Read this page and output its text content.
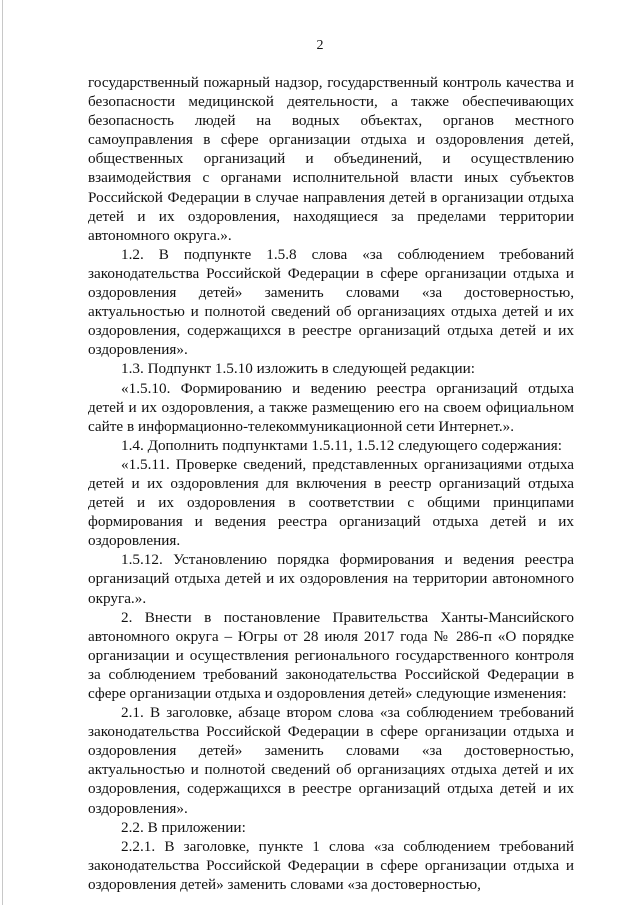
2

государственный пожарный надзор, государственный контроль качества и безопасности медицинской деятельности, а также обеспечивающих безопасность людей на водных объектах, органов местного самоуправления в сфере организации отдыха и оздоровления детей, общественных организаций и объединений, и осуществлению взаимодействия с органами исполнительной власти иных субъектов Российской Федерации в случае направления детей в организации отдыха детей и их оздоровления, находящиеся за пределами территории автономного округа.».

1.2. В подпункте 1.5.8 слова «за соблюдением требований законодательства Российской Федерации в сфере организации отдыха и оздоровления детей» заменить словами «за достоверностью, актуальностью и полнотой сведений об организациях отдыха детей и их оздоровления, содержащихся в реестре организаций отдыха детей и их оздоровления».

1.3. Подпункт 1.5.10 изложить в следующей редакции:

«1.5.10. Формированию и ведению реестра организаций отдыха детей и их оздоровления, а также размещению его на своем официальном сайте в информационно-телекоммуникационной сети Интернет.».

1.4. Дополнить подпунктами 1.5.11, 1.5.12 следующего содержания:

«1.5.11. Проверке сведений, представленных организациями отдыха детей и их оздоровления для включения в реестр организаций отдыха детей и их оздоровления в соответствии с общими принципами формирования и ведения реестра организаций отдыха детей и их оздоровления.

1.5.12. Установлению порядка формирования и ведения реестра организаций отдыха детей и их оздоровления на территории автономного округа.».

2. Внести в постановление Правительства Ханты-Мансийского автономного округа – Югры от 28 июля 2017 года № 286-п «О порядке организации и осуществления регионального государственного контроля за соблюдением требований законодательства Российской Федерации в сфере организации отдыха и оздоровления детей» следующие изменения:

2.1. В заголовке, абзаце втором слова «за соблюдением требований законодательства Российской Федерации в сфере организации отдыха и оздоровления детей» заменить словами «за достоверностью, актуальностью и полнотой сведений об организациях отдыха детей и их оздоровления, содержащихся в реестре организаций отдыха детей и их оздоровления».

2.2. В приложении:

2.2.1. В заголовке, пункте 1 слова «за соблюдением требований законодательства Российской Федерации в сфере организации отдыха и оздоровления детей» заменить словами «за достоверностью,
